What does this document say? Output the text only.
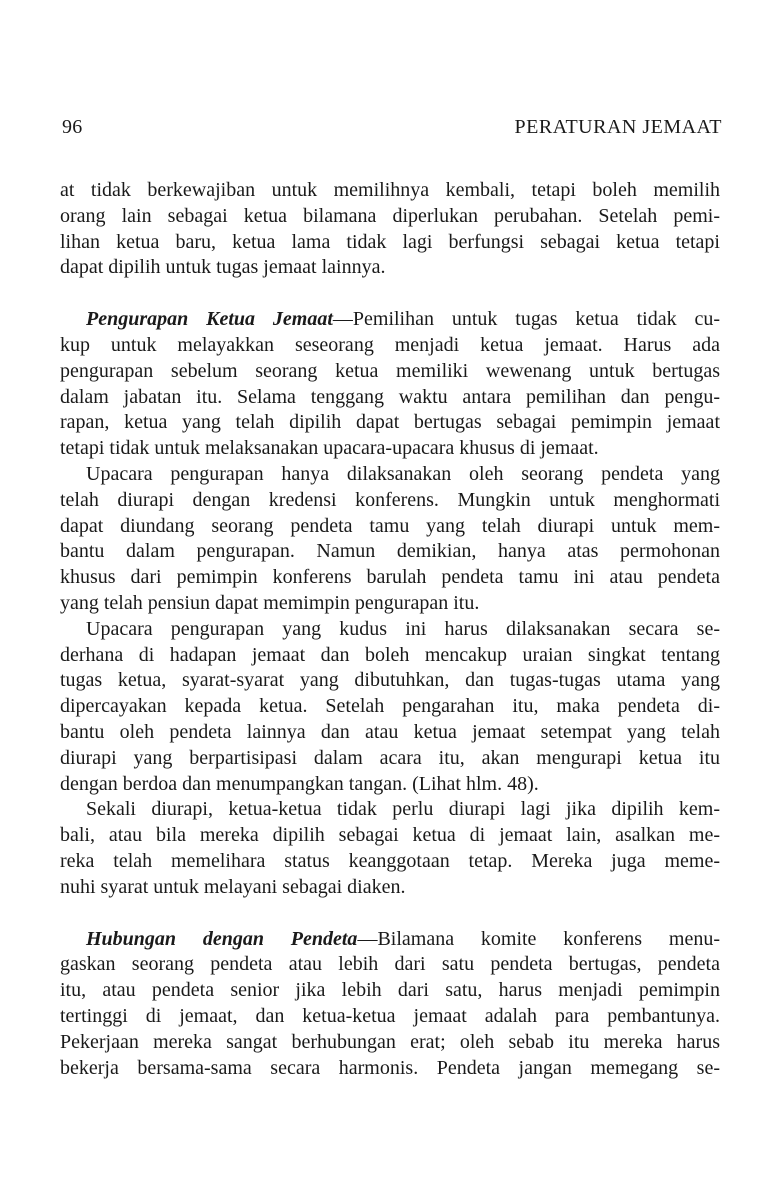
96	PERATURAN JEMAAT
at tidak berkewajiban untuk memilihnya kembali, tetapi boleh memilih
orang lain sebagai ketua bilamana diperlukan perubahan. Setelah pemi-
lihan ketua baru, ketua lama tidak lagi berfungsi sebagai ketua tetapi
dapat dipilih untuk tugas jemaat lainnya.
Pengurapan Ketua Jemaat—Pemilihan untuk tugas ketua tidak cu-
kup untuk melayakkan seseorang menjadi ketua jemaat. Harus ada
pengurapan sebelum seorang ketua memiliki wewenang untuk bertugas
dalam jabatan itu. Selama tenggang waktu antara pemilihan dan pengu-
rapan, ketua yang telah dipilih dapat bertugas sebagai pemimpin jemaat
tetapi tidak untuk melaksanakan upacara-upacara khusus di jemaat.
Upacara pengurapan hanya dilaksanakan oleh seorang pendeta yang
telah diurapi dengan kredensi konferens. Mungkin untuk menghormati
dapat diundang seorang pendeta tamu yang telah diurapi untuk mem-
bantu dalam pengurapan. Namun demikian, hanya atas permohonan
khusus dari pemimpin konferens barulah pendeta tamu ini atau pendeta
yang telah pensiun dapat memimpin pengurapan itu.
Upacara pengurapan yang kudus ini harus dilaksanakan secara se-
derhana di hadapan jemaat dan boleh mencakup uraian singkat tentang
tugas ketua, syarat-syarat yang dibutuhkan, dan tugas-tugas utama yang
dipercayakan kepada ketua. Setelah pengarahan itu, maka pendeta di-
bantu oleh pendeta lainnya dan atau ketua jemaat setempat yang telah
diurapi yang berpartisipasi dalam acara itu, akan mengurapi ketua itu
dengan berdoa dan menumpangkan tangan. (Lihat hlm. 48).
Sekali diurapi, ketua-ketua tidak perlu diurapi lagi jika dipilih kem-
bali, atau bila mereka dipilih sebagai ketua di jemaat lain, asalkan me-
reka telah memelihara status keanggotaan tetap. Mereka juga meme-
nuhi syarat untuk melayani sebagai diaken.
Hubungan dengan Pendeta—Bilamana komite konferens menu-
gaskan seorang pendeta atau lebih dari satu pendeta bertugas, pendeta
itu, atau pendeta senior jika lebih dari satu, harus menjadi pemimpin
tertinggi di jemaat, dan ketua-ketua jemaat adalah para pembantunya.
Pekerjaan mereka sangat berhubungan erat; oleh sebab itu mereka harus
bekerja bersama-sama secara harmonis. Pendeta jangan memegang se-
